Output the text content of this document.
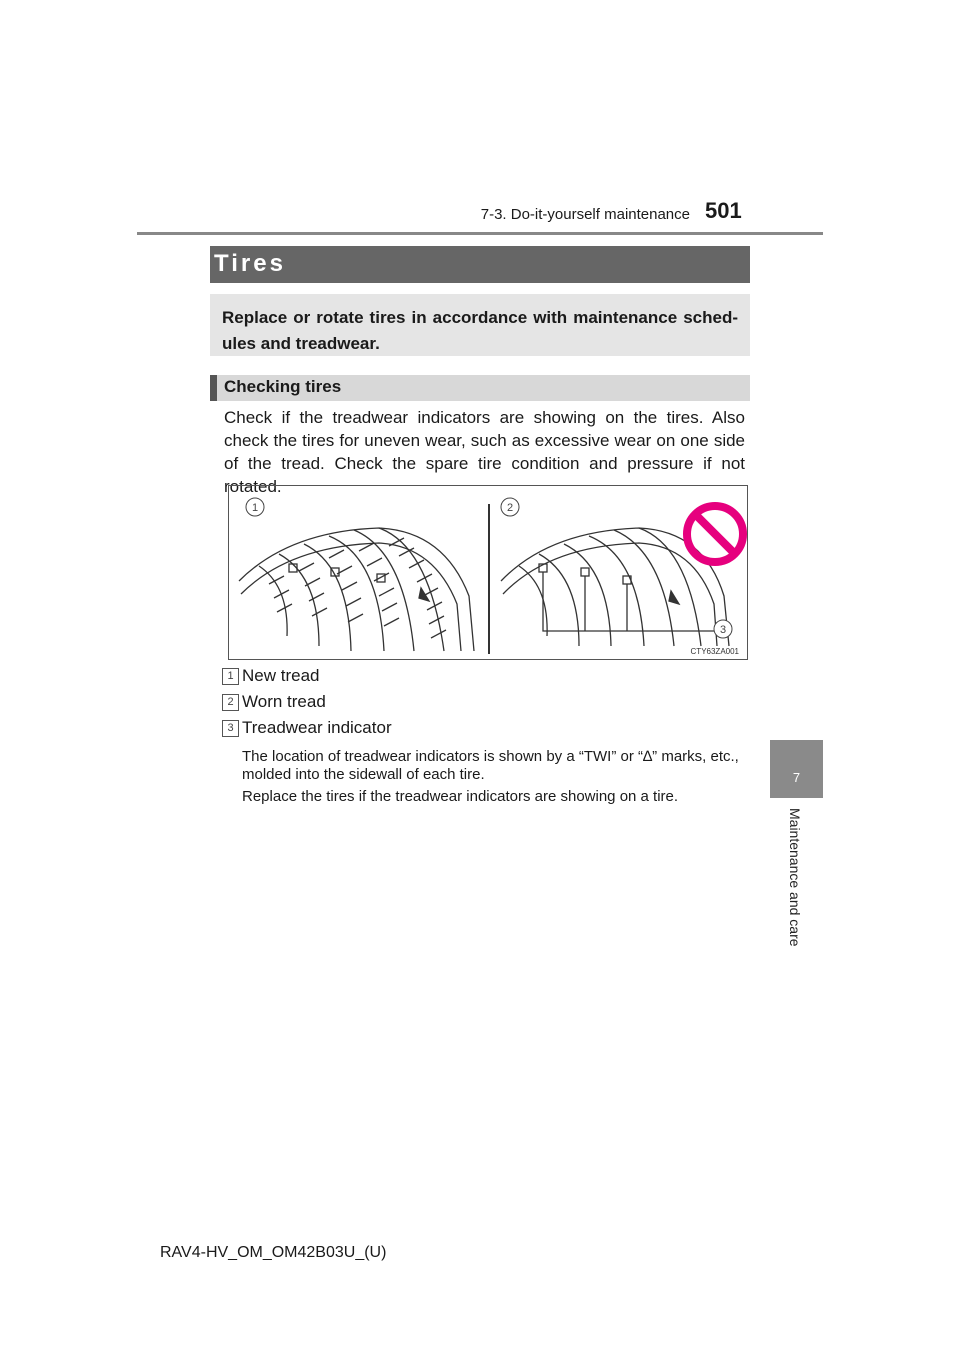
7-3. Do-it-yourself maintenance 501
7
Maintenance and care
Tires
Replace or rotate tires in accordance with maintenance sched-ules and treadwear.
Checking tires
Check if the treadwear indicators are showing on the tires. Also check the tires for uneven wear, such as excessive wear on one side of the tread. Check the spare tire condition and pressure if not rotated.
1	2
3
CTY63ZA001
1 New tread
2 Worn tread
3 Treadwear indicator
The location of treadwear indicators is shown by a “TWI” or “∆” marks, etc., molded into the sidewall of each tire.
Replace the tires if the treadwear indicators are showing on a tire.
RAV4-HV_OM_OM42B03U_(U)
